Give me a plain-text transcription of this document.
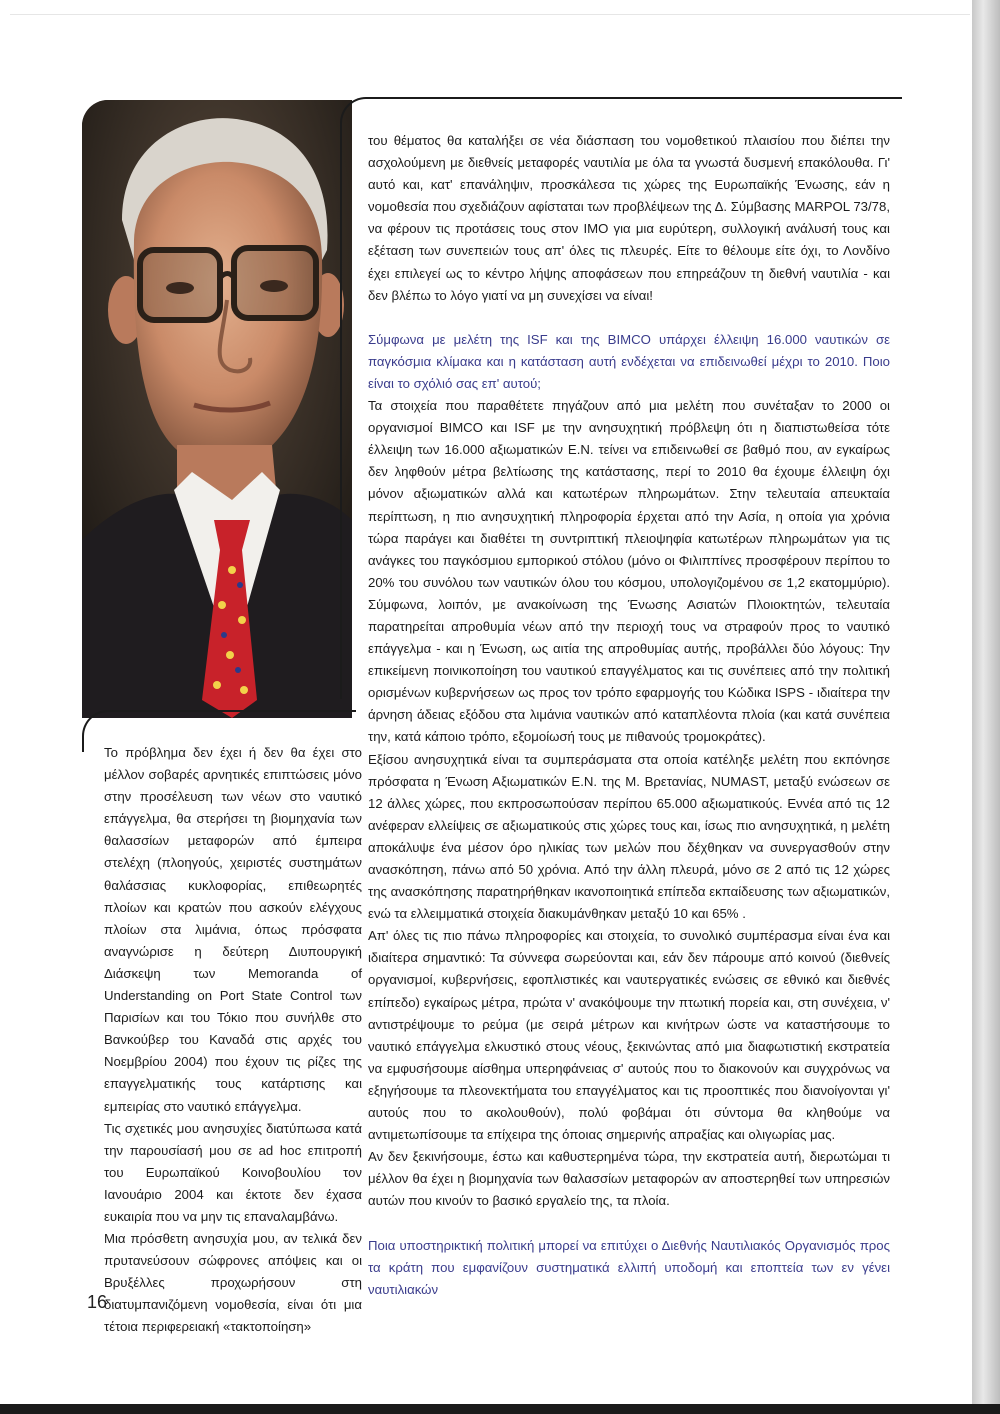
του θέματος θα καταλήξει σε νέα διάσπαση του νομοθετικού πλαισίου που διέπει την ασχολούμενη με διεθνείς μεταφορές ναυτιλία με όλα τα γνωστά δυσμενή επακόλουθα. Γι' αυτό και, κατ' επανάληψιν, προσκάλεσα τις χώρες της Ευρωπαϊκής Ένωσης, εάν η νομοθεσία που σχεδιάζουν αφίσταται των προβλέψεων της Δ. Σύμβασης MARPOL 73/78, να φέρουν τις προτάσεις τους στον IMO για μια ευρύτερη, συλλογική ανάλυσή τους και εξέταση των συνεπειών τους απ' όλες τις πλευρές. Είτε το θέλουμε είτε όχι, το Λονδίνο έχει επιλεγεί ως το κέντρο λήψης αποφάσεων που επηρεάζουν τη διεθνή ναυτιλία - και δεν βλέπω το λόγο γιατί να μη συνεχίσει να είναι!

Σύμφωνα με μελέτη της ISF και της BIMCO υπάρχει έλλειψη 16.000 ναυτικών σε παγκόσμια κλίμακα και η κατάσταση αυτή ενδέχεται να επιδεινωθεί μέχρι το 2010. Ποιο είναι το σχόλιό σας επ' αυτού;

Τα στοιχεία που παραθέτετε πηγάζουν από μια μελέτη που συνέταξαν το 2000 οι οργανισμοί BIMCO και ISF με την ανησυχητική πρόβλεψη ότι η διαπιστωθείσα τότε έλλειψη των 16.000 αξιωματικών Ε.Ν. τείνει να επιδεινωθεί σε βαθμό που, αν εγκαίρως δεν ληφθούν μέτρα βελτίωσης της κατάστασης, περί το 2010 θα έχουμε έλλειψη όχι μόνον αξιωματικών αλλά και κατωτέρων πληρωμάτων. Στην τελευταία απευκταία περίπτωση, η πιο ανησυχητική πληροφορία έρχεται από την Ασία, η οποία για χρόνια τώρα παράγει και διαθέτει τη συντριπτική πλειοψηφία κατωτέρων πληρωμάτων για τις ανάγκες του παγκόσμιου εμπορικού στόλου (μόνο οι Φιλιππίνες προσφέρουν περίπου το 20% του συνόλου των ναυτικών όλου του κόσμου, υπολογιζομένου σε 1,2 εκατομμύριο). Σύμφωνα, λοιπόν, με ανακοίνωση της Ένωσης Ασιατών Πλοιοκτητών, τελευταία παρατηρείται απροθυμία νέων από την περιοχή τους να στραφούν προς το ναυτικό επάγγελμα - και η Ένωση, ως αιτία της απροθυμίας αυτής, προβάλλει δύο λόγους: Την επικείμενη ποινικοποίηση του ναυτικού επαγγέλματος και τις συνέπειες από την πολιτική ορισμένων κυβερνήσεων ως προς τον τρόπο εφαρμογής του Κώδικα ISPS - ιδιαίτερα την άρνηση άδειας εξόδου στα λιμάνια ναυτικών από καταπλέοντα πλοία (και κατά συνέπεια την, κατά κάποιο τρόπο, εξομοίωσή τους με πιθανούς τρομοκράτες).

Εξίσου ανησυχητικά είναι τα συμπεράσματα στα οποία κατέληξε μελέτη που εκπόνησε πρόσφατα η Ένωση Αξιωματικών Ε.Ν. της Μ. Βρετανίας, NUMAST, μεταξύ ενώσεων σε 12 άλλες χώρες, που εκπροσωπούσαν περίπου 65.000 αξιωματικούς. Εννέα από τις 12 ανέφεραν ελλείψεις σε αξιωματικούς στις χώρες τους και, ίσως πιο ανησυχητικά, η μελέτη αποκάλυψε ένα μέσον όρο ηλικίας των μελών που δέχθηκαν να συνεργασθούν στην ανασκόπηση, πάνω από 50 χρόνια. Από την άλλη πλευρά, μόνο σε 2 από τις 12 χώρες της ανασκόπησης παρατηρήθηκαν ικανοποιητικά επίπεδα εκπαίδευσης των αξιωματικών, ενώ τα ελλειμματικά στοιχεία διακυμάνθηκαν μεταξύ 10 και 65% .

Απ' όλες τις πιο πάνω πληροφορίες και στοιχεία, το συνολικό συμπέρασμα είναι ένα και ιδιαίτερα σημαντικό: Τα σύννεφα σωρεύονται και, εάν δεν πάρουμε από κοινού (διεθνείς οργανισμοί, κυβερνήσεις, εφοπλιστικές και ναυτεργατικές ενώσεις σε εθνικό και διεθνές επίπεδο) εγκαίρως μέτρα, πρώτα ν' ανακόψουμε την πτωτική πορεία και, στη συνέχεια, ν' αντιστρέψουμε το ρεύμα (με σειρά μέτρων και κινήτρων ώστε να καταστήσουμε το ναυτικό επάγγελμα ελκυστικό στους νέους, ξεκινώντας από μια διαφωτιστική εκστρατεία να εμφυσήσουμε αίσθημα υπερηφάνειας σ' αυτούς που το διακονούν και συγχρόνως να εξηγήσουμε τα πλεονεκτήματα του επαγγέλματος και τις προοπτικές που διανοίγονται γι' αυτούς που το ακολουθούν), πολύ φοβάμαι ότι σύντομα θα κληθούμε να αντιμετωπίσουμε τα επίχειρα της όποιας σημερινής απραξίας και ολιγωρίας μας.

Αν δεν ξεκινήσουμε, έστω και καθυστερημένα τώρα, την εκστρατεία αυτή, διερωτώμαι τι μέλλον θα έχει η βιομηχανία των θαλασσίων μεταφορών αν αποστερηθεί των υπηρεσιών αυτών που κινούν το βασικό εργαλείο της, τα πλοία.

Ποια υποστηρικτική πολιτική μπορεί να επιτύχει ο Διεθνής Ναυτιλιακός Οργανισμός προς τα κράτη που εμφανίζουν συστηματικά ελλιπή υποδομή και εποπτεία των εν γένει ναυτιλιακών

Το πρόβλημα δεν έχει ή δεν θα έχει στο μέλλον σοβαρές αρνητικές επιπτώσεις μόνο στην προσέλευση των νέων στο ναυτικό επάγγελμα, θα στερήσει τη βιομηχανία των θαλασσίων μεταφορών από έμπειρα στελέχη (πλοηγούς, χειριστές συστημάτων θαλάσσιας κυκλοφορίας, επιθεωρητές πλοίων και κρατών που ασκούν ελέγχους πλοίων στα λιμάνια, όπως πρόσφατα αναγνώρισε η δεύτερη Διυπουργική Διάσκεψη των Memoranda of Understanding on Port State Control των Παρισίων και του Τόκιο που συνήλθε στο Βανκούβερ του Καναδά στις αρχές του Νοεμβρίου 2004) που έχουν τις ρίζες της επαγγελματικής τους κατάρτισης και εμπειρίας στο ναυτικό επάγγελμα.

Τις σχετικές μου ανησυχίες διατύπωσα κατά την παρουσίασή μου σε ad hoc επιτροπή του Ευρωπαϊκού Κοινοβουλίου τον Ιανουάριο 2004 και έκτοτε δεν έχασα ευκαιρία που να μην τις επαναλαμβάνω.

Μια πρόσθετη ανησυχία μου, αν τελικά δεν πρυτανεύσουν σώφρονες απόψεις και οι Βρυξέλλες προχωρήσουν στη διατυμπανιζόμενη νομοθεσία, είναι ότι μια τέτοια περιφερειακή «τακτοποίηση»

16
